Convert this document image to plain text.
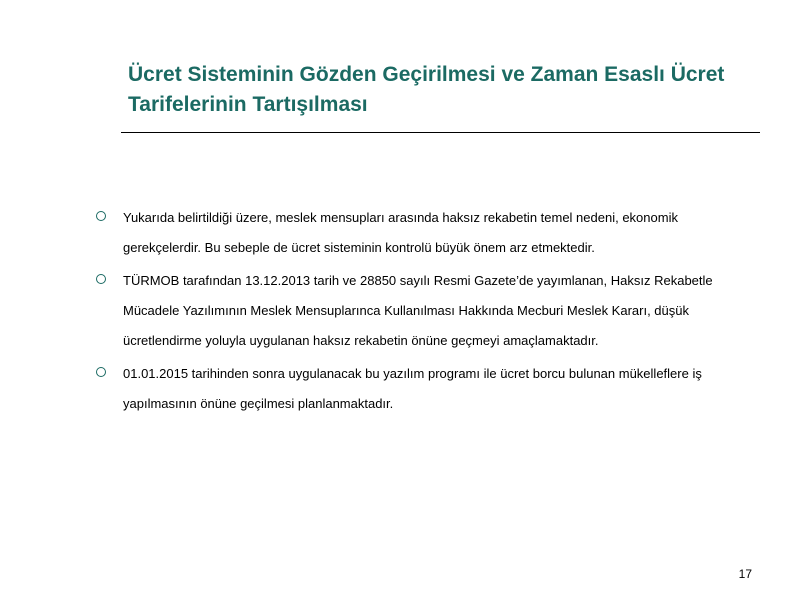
Ücret Sisteminin Gözden Geçirilmesi ve Zaman Esaslı Ücret
Tarifelerinin Tartışılması
Yukarıda belirtildiği üzere, meslek mensupları arasında haksız rekabetin temel nedeni, ekonomik gerekçelerdir. Bu sebeple de ücret sisteminin kontrolü büyük önem arz etmektedir.
TÜRMOB tarafından 13.12.2013 tarih ve 28850 sayılı Resmi Gazete’de yayımlanan, Haksız Rekabetle Mücadele Yazılımının Meslek Mensuplarınca Kullanılması Hakkında Mecburi Meslek Kararı, düşük ücretlendirme yoluyla uygulanan haksız rekabetin önüne geçmeyi amaçlamaktadır.
01.01.2015 tarihinden sonra uygulanacak bu yazılım programı ile ücret borcu bulunan mükelleflere iş yapılmasının önüne geçilmesi planlanmaktadır.
17
